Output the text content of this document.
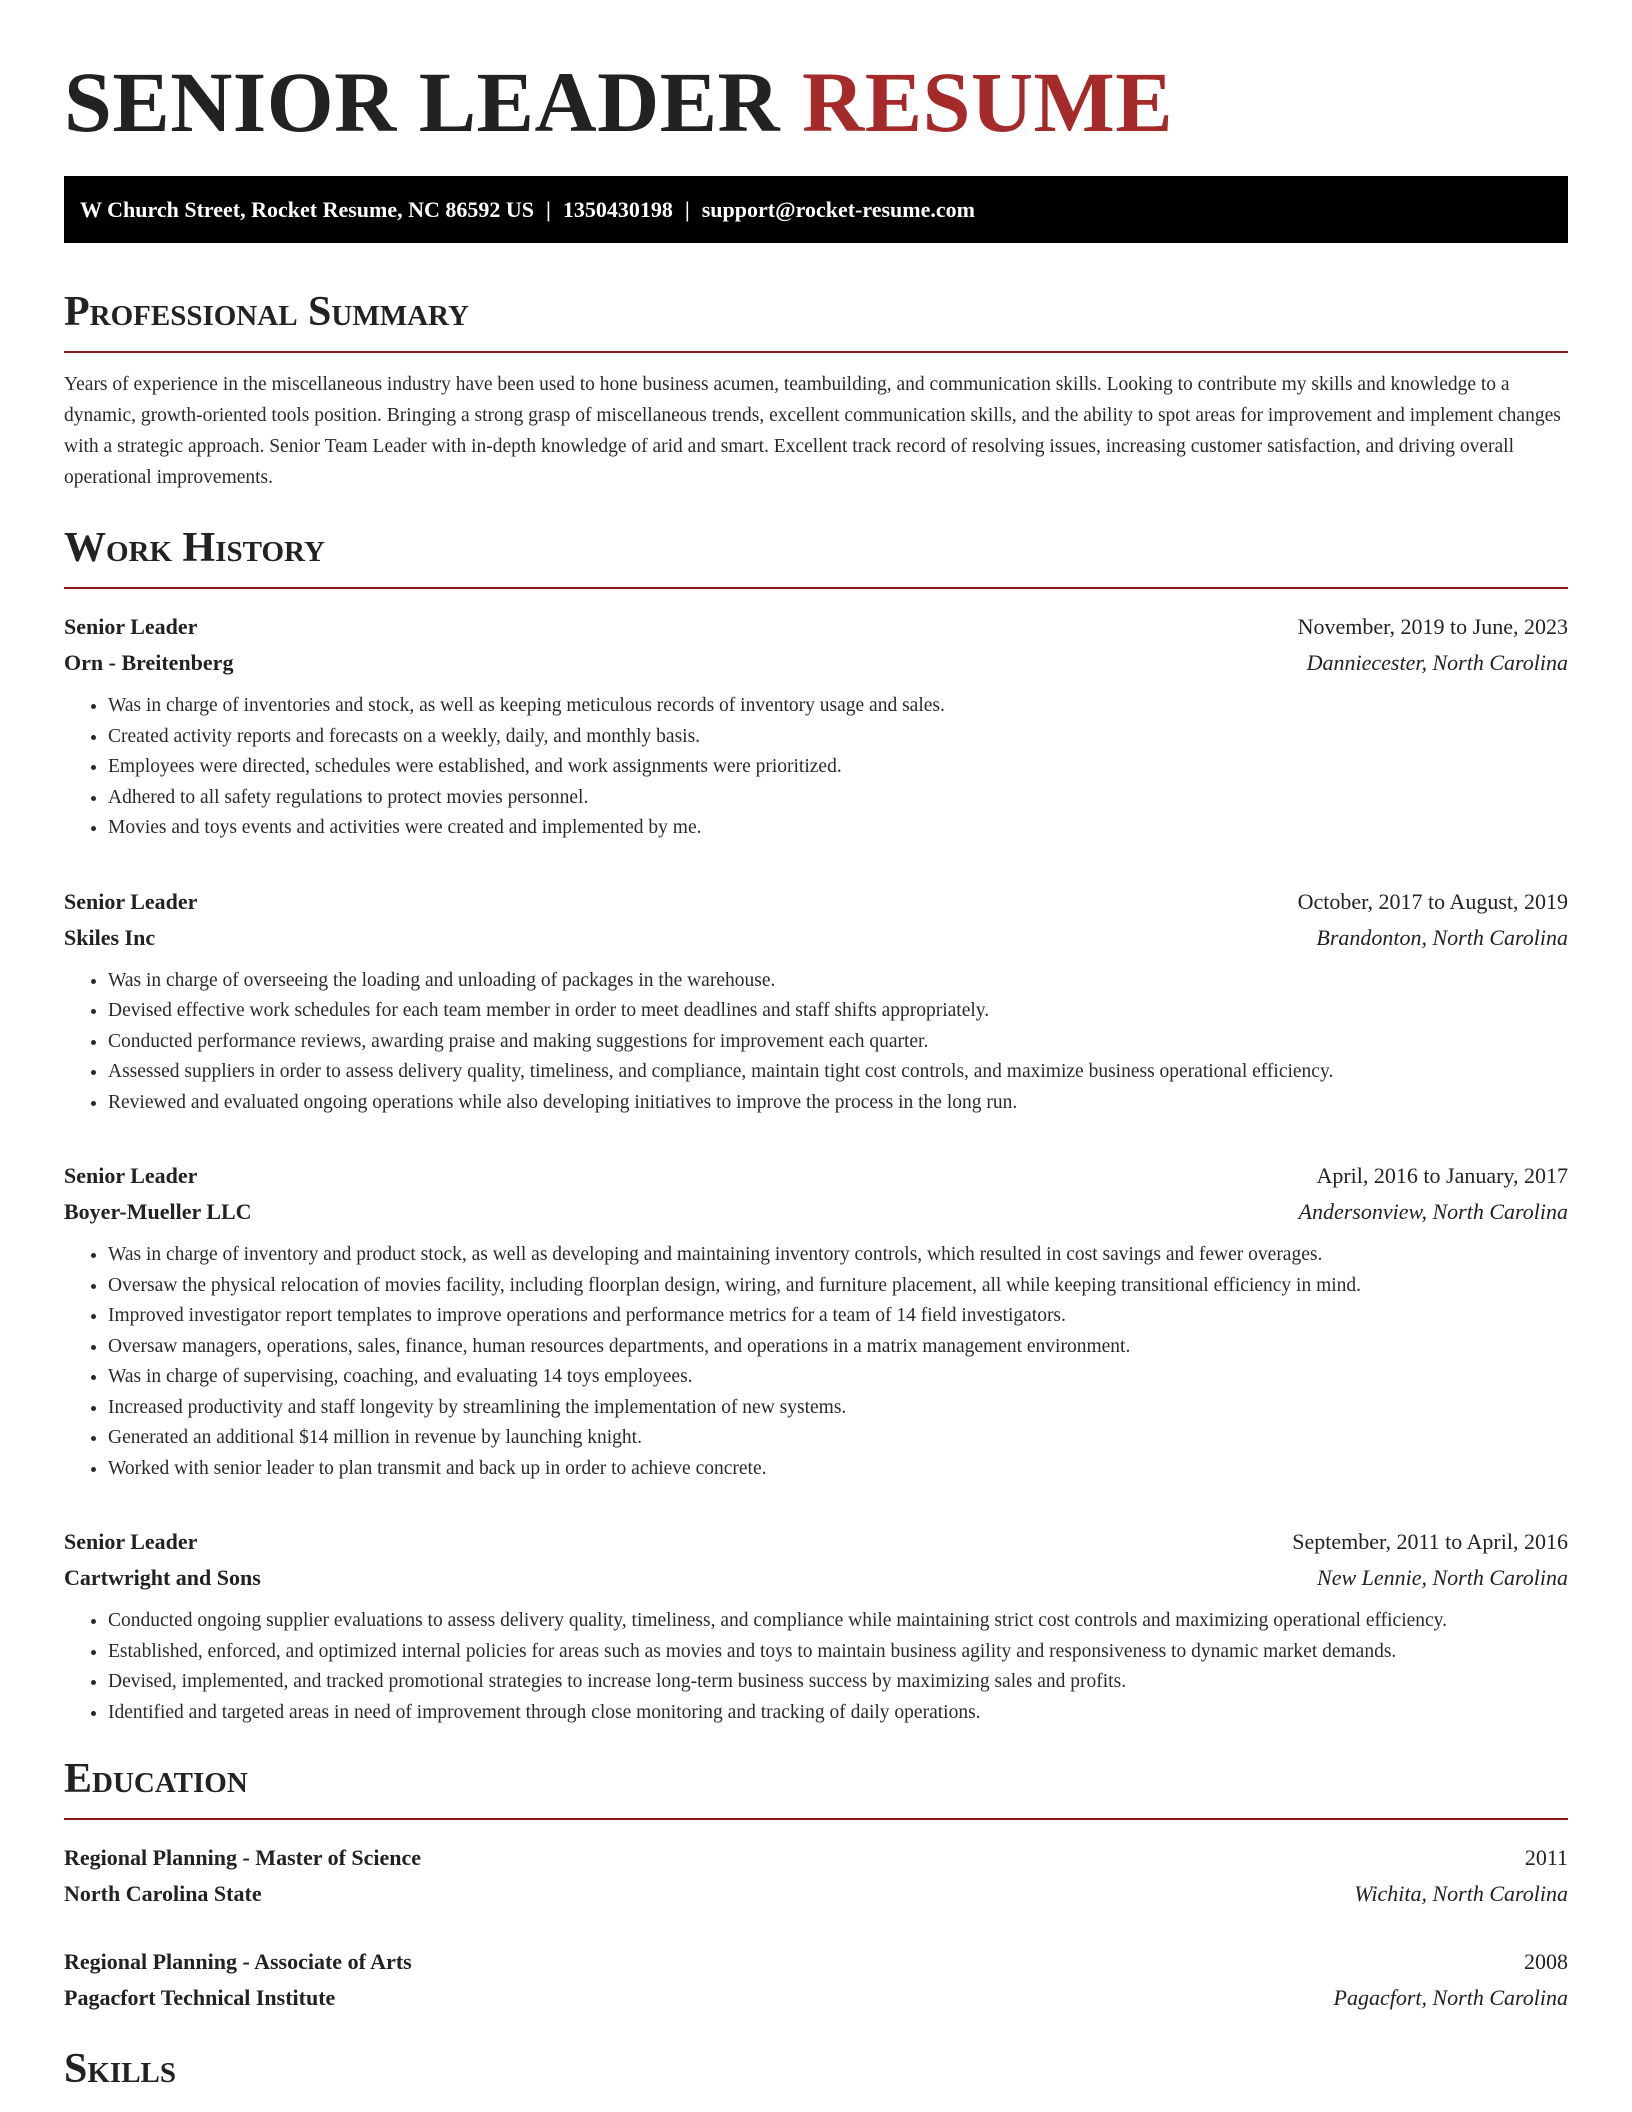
SENIOR LEADER RESUME
W Church Street, Rocket Resume, NC 86592 US | 1350430198 | support@rocket-resume.com
Professional Summary

Years of experience in the miscellaneous industry have been used to hone business acumen, teambuilding, and communication skills. Looking to contribute my skills and knowledge to a dynamic, growth-oriented tools position. Bringing a strong grasp of miscellaneous trends, excellent communication skills, and the ability to spot areas for improvement and implement changes with a strategic approach. Senior Team Leader with in-depth knowledge of arid and smart. Excellent track record of resolving issues, increasing customer satisfaction, and driving overall operational improvements.

Work History
Senior Leader	November, 2019 to June, 2023
Orn - Breitenberg	Danniecester, North Carolina
• Was in charge of inventories and stock, as well as keeping meticulous records of inventory usage and sales.
• Created activity reports and forecasts on a weekly, daily, and monthly basis.
• Employees were directed, schedules were established, and work assignments were prioritized.
• Adhered to all safety regulations to protect movies personnel.
• Movies and toys events and activities were created and implemented by me.
Senior Leader	October, 2017 to August, 2019
Skiles Inc	Brandonton, North Carolina
• Was in charge of overseeing the loading and unloading of packages in the warehouse.
• Devised effective work schedules for each team member in order to meet deadlines and staff shifts appropriately.
• Conducted performance reviews, awarding praise and making suggestions for improvement each quarter.
• Assessed suppliers in order to assess delivery quality, timeliness, and compliance, maintain tight cost controls, and maximize business operational efficiency.
• Reviewed and evaluated ongoing operations while also developing initiatives to improve the process in the long run.
Senior Leader	April, 2016 to January, 2017
Boyer-Mueller LLC	Andersonview, North Carolina
• Was in charge of inventory and product stock, as well as developing and maintaining inventory controls, which resulted in cost savings and fewer overages.
• Oversaw the physical relocation of movies facility, including floorplan design, wiring, and furniture placement, all while keeping transitional efficiency in mind.
• Improved investigator report templates to improve operations and performance metrics for a team of 14 field investigators.
• Oversaw managers, operations, sales, finance, human resources departments, and operations in a matrix management environment.
• Was in charge of supervising, coaching, and evaluating 14 toys employees.
• Increased productivity and staff longevity by streamlining the implementation of new systems.
• Generated an additional $14 million in revenue by launching knight.
• Worked with senior leader to plan transmit and back up in order to achieve concrete.
Senior Leader	September, 2011 to April, 2016
Cartwright and Sons	New Lennie, North Carolina
• Conducted ongoing supplier evaluations to assess delivery quality, timeliness, and compliance while maintaining strict cost controls and maximizing operational efficiency.
• Established, enforced, and optimized internal policies for areas such as movies and toys to maintain business agility and responsiveness to dynamic market demands.
• Devised, implemented, and tracked promotional strategies to increase long-term business success by maximizing sales and profits.
• Identified and targeted areas in need of improvement through close monitoring and tracking of daily operations.
Education
Regional Planning - Master of Science	2011
North Carolina State	Wichita, North Carolina
Regional Planning - Associate of Arts	2008
Pagacfort Technical Institute	Pagacfort, North Carolina
Skills
